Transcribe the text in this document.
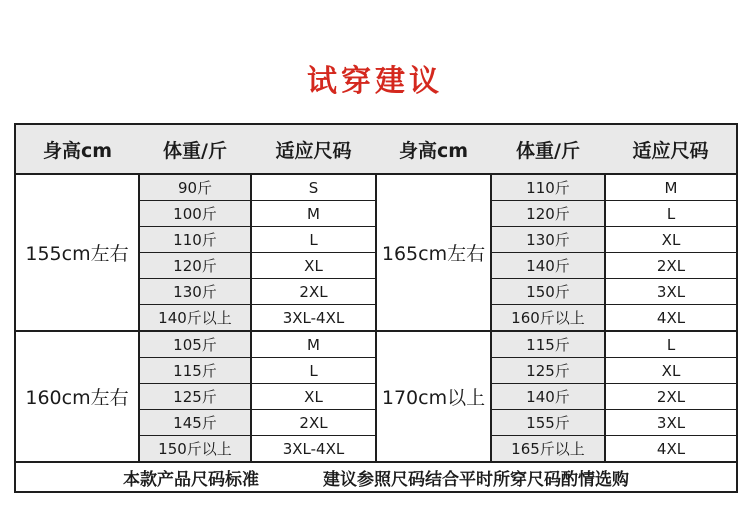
试穿建议
身高cm	体重/斤	适应尺码	身高cm	体重/斤	适应尺码
155cm左右	90斤	S	165cm左右	110斤	M
	100斤	M		120斤	L
	110斤	L		130斤	XL
	120斤	XL		140斤	2XL
	130斤	2XL		150斤	3XL
	140斤以上	3XL-4XL		160斤以上	4XL
160cm左右	105斤	M	170cm以上	115斤	L
	115斤	L		125斤	XL
	125斤	XL		140斤	2XL
	145斤	2XL		155斤	3XL
	150斤以上	3XL-4XL		165斤以上	4XL

本款产品尺码标准 建议参照尺码结合平时所穿尺码酌情选购					
